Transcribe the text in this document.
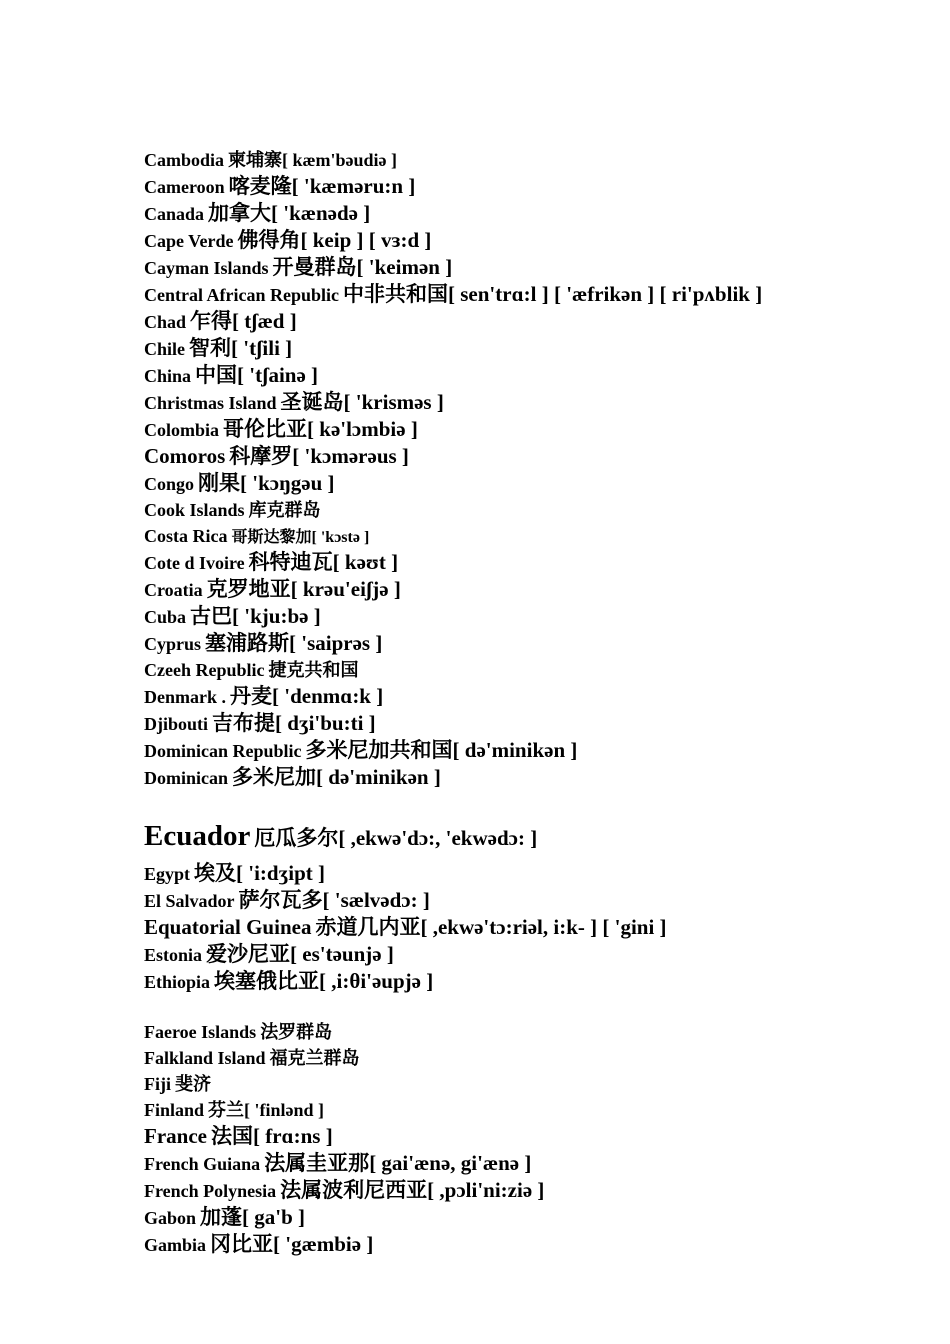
Cambodia 柬埔寨[ kæm'bəudiə ]
Cameroon 喀麦隆[ 'kæməru:n ]
Canada 加拿大[ 'kænədə ]
Cape Verde 佛得角[ keip ] [ vɜ:d ]
Cayman Islands 开曼群岛[ 'keimən ]
Central African Republic 中非共和国[ sen'trɑ:l ] [ 'æfrikən ] [ ri'pʌblik ]
Chad 乍得[ tʃæd ]
Chile 智利[ 'tʃili ]
China 中国[ 'tʃainə ]
Christmas Island 圣诞岛[ 'krisməs ]
Colombia 哥伦比亚[ kə'lɔmbiə ]
Comoros 科摩罗[ 'kɔmərəus ]
Congo 刚果[ 'kɔŋgəu ]
Cook Islands 库克群岛
Costa Rica 哥斯达黎加[ 'kɔstə ]
Cote d Ivoire 科特迪瓦[ kəʊt ]
Croatia 克罗地亚[ krəu'eiʃjə ]
Cuba 古巴[ 'kju:bə ]
Cyprus 塞浦路斯[ 'saiprəs ]
Czeeh Republic 捷克共和国
Denmark . 丹麦[ 'denmɑ:k ]
Djibouti 吉布提[ dʒi'bu:ti ]
Dominican Republic 多米尼加共和国[ də'minikən ]
Dominican 多米尼加[ də'minikən ]
Ecuador 厄瓜多尔[ ,ekwə'dɔ:, 'ekwədɔ: ]
Egypt 埃及[ 'i:dʒipt ]
El Salvador 萨尔瓦多[ 'sælvədɔ: ]
Equatorial Guinea 赤道几内亚[ ,ekwə'tɔ:riəl, i:k- ] [ 'gini ]
Estonia 爱沙尼亚[ es'təunjə ]
Ethiopia 埃塞俄比亚[ ,i:θi'əupjə ]
Faeroe Islands 法罗群岛
Falkland Island 福克兰群岛
Fiji 斐济
Finland 芬兰[ 'finlənd ]
France 法国[ frɑ:ns ]
French Guiana 法属圭亚那[ gai'ænə, gi'ænə ]
French Polynesia 法属波利尼西亚[ ,pɔli'ni:ziə ]
Gabon 加蓬[ ga'b ]
Gambia 冈比亚[ 'gæmbiə ]
